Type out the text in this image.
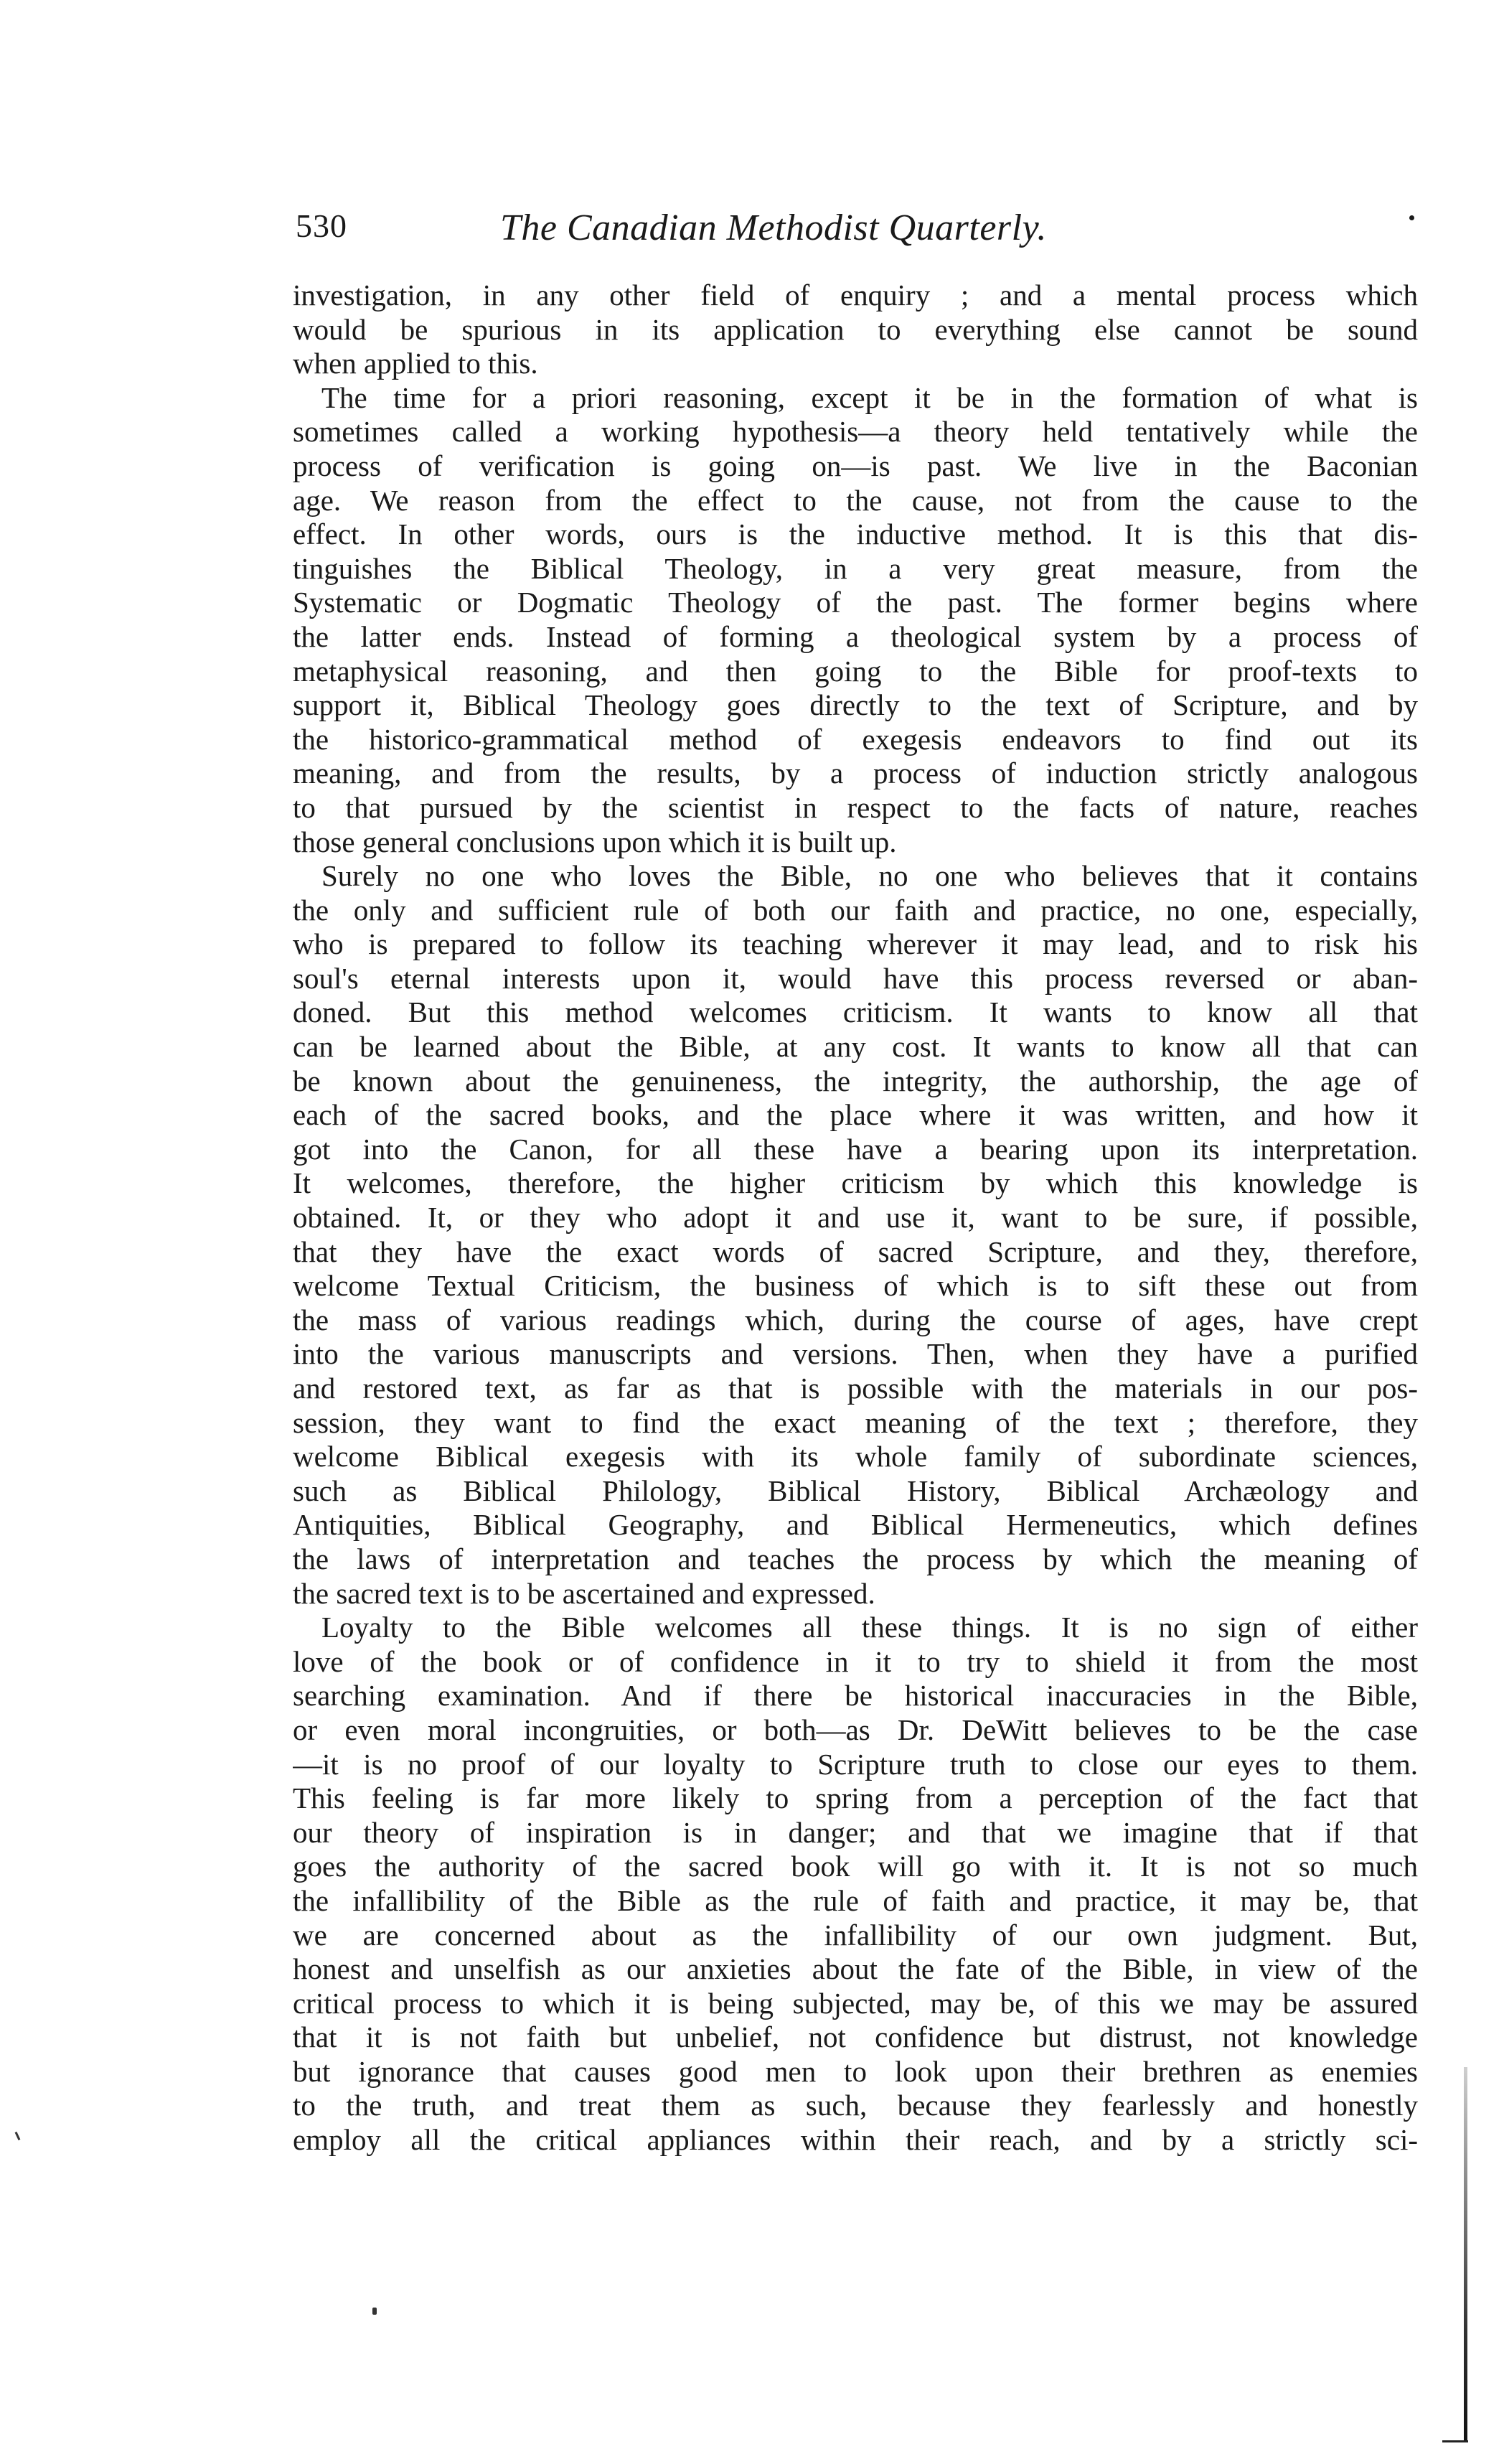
530	The Canadian Methodist Quarterly.
investigation, in any other field of enquiry ; and a mental process which
would be spurious in its application to everything else cannot be sound
when applied to this.
The time for a priori reasoning, except it be in the formation of what is
sometimes called a working hypothesis—a theory held tentatively while the
process of verification is going on—is past. We live in the Baconian
age. We reason from the effect to the cause, not from the cause to the
effect. In other words, ours is the inductive method. It is this that dis-
tinguishes the Biblical Theology, in a very great measure, from the
Systematic or Dogmatic Theology of the past. The former begins where
the latter ends. Instead of forming a theological system by a process of
metaphysical reasoning, and then going to the Bible for proof-texts to
support it, Biblical Theology goes directly to the text of Scripture, and by
the historico-grammatical method of exegesis endeavors to find out its
meaning, and from the results, by a process of induction strictly analogous
to that pursued by the scientist in respect to the facts of nature, reaches
those general conclusions upon which it is built up.
Surely no one who loves the Bible, no one who believes that it contains
the only and sufficient rule of both our faith and practice, no one, especially,
who is prepared to follow its teaching wherever it may lead, and to risk his
soul's eternal interests upon it, would have this process reversed or aban-
doned. But this method welcomes criticism. It wants to know all that
can be learned about the Bible, at any cost. It wants to know all that can
be known about the genuineness, the integrity, the authorship, the age of
each of the sacred books, and the place where it was written, and how it
got into the Canon, for all these have a bearing upon its interpretation.
It welcomes, therefore, the higher criticism by which this knowledge is
obtained. It, or they who adopt it and use it, want to be sure, if possible,
that they have the exact words of sacred Scripture, and they, therefore,
welcome Textual Criticism, the business of which is to sift these out from
the mass of various readings which, during the course of ages, have crept
into the various manuscripts and versions. Then, when they have a purified
and restored text, as far as that is possible with the materials in our pos-
session, they want to find the exact meaning of the text ; therefore, they
welcome Biblical exegesis with its whole family of subordinate sciences,
such as Biblical Philology, Biblical History, Biblical Archæology and
Antiquities, Biblical Geography, and Biblical Hermeneutics, which defines
the laws of interpretation and teaches the process by which the meaning of
the sacred text is to be ascertained and expressed.
Loyalty to the Bible welcomes all these things. It is no sign of either
love of the book or of confidence in it to try to shield it from the most
searching examination. And if there be historical inaccuracies in the Bible,
or even moral incongruities, or both—as Dr. DeWitt believes to be the case
—it is no proof of our loyalty to Scripture truth to close our eyes to them.
This feeling is far more likely to spring from a perception of the fact that
our theory of inspiration is in danger; and that we imagine that if that
goes the authority of the sacred book will go with it. It is not so much
the infallibility of the Bible as the rule of faith and practice, it may be, that
we are concerned about as the infallibility of our own judgment. But,
honest and unselfish as our anxieties about the fate of the Bible, in view of the
critical process to which it is being subjected, may be, of this we may be assured
that it is not faith but unbelief, not confidence but distrust, not knowledge
but ignorance that causes good men to look upon their brethren as enemies
to the truth, and treat them as such, because they fearlessly and honestly
employ all the critical appliances within their reach, and by a strictly sci-
